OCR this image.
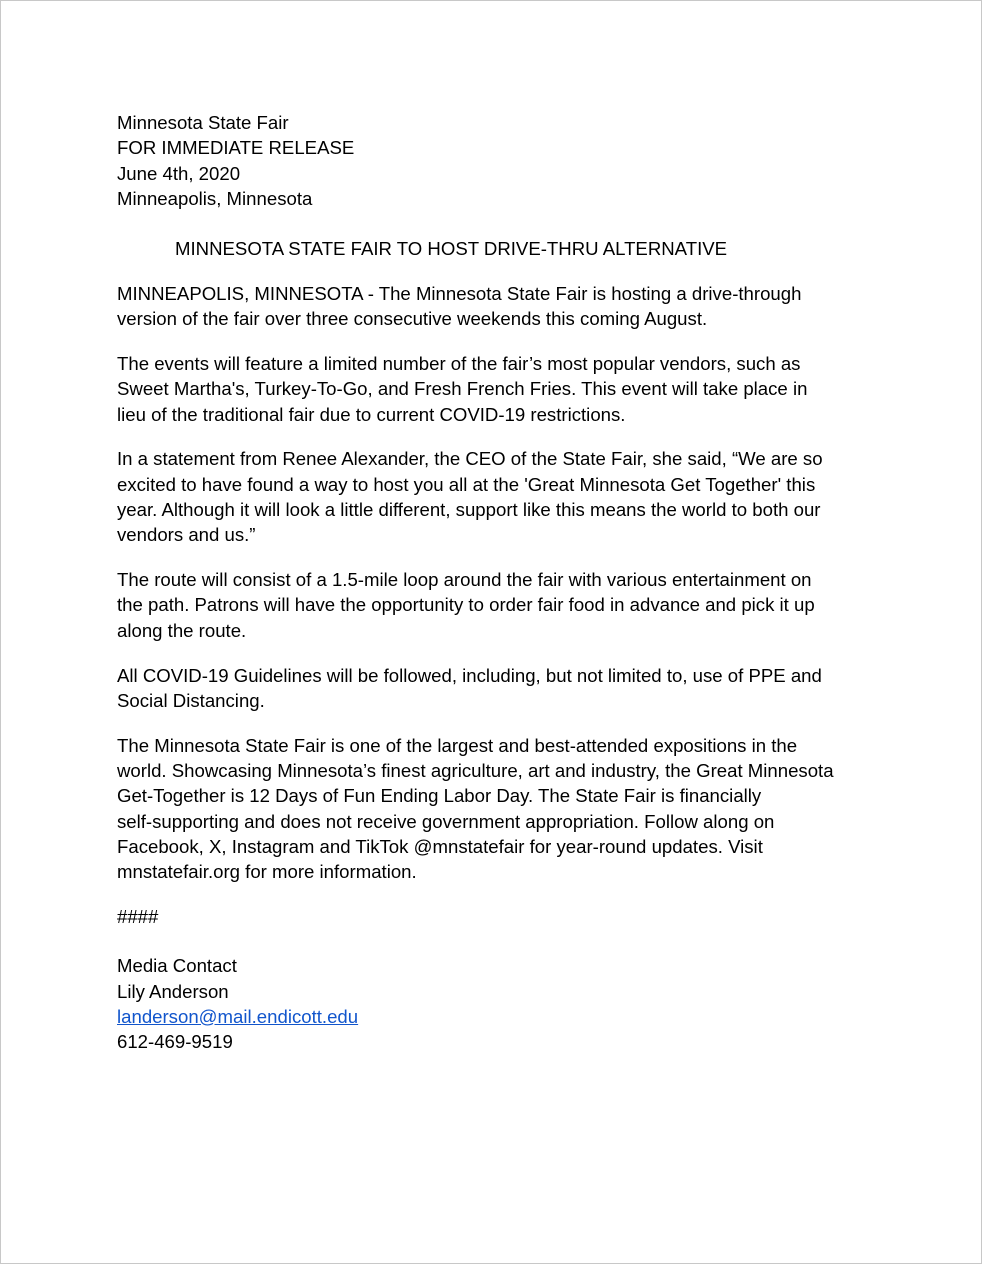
Minnesota State Fair

FOR IMMEDIATE RELEASE

June 4th, 2020

Minneapolis, Minnesota

MINNESOTA STATE FAIR TO HOST DRIVE-THRU ALTERNATIVE

MINNEAPOLIS, MINNESOTA - The Minnesota State Fair is hosting a drive-through
version of the fair over three consecutive weekends this coming August.

The events will feature a limited number of the fair’s most popular vendors, such as
Sweet Martha's, Turkey-To-Go, and Fresh French Fries. This event will take place in
lieu of the traditional fair due to current COVID-19 restrictions.

In a statement from Renee Alexander, the CEO of the State Fair, she said, “We are so
excited to have found a way to host you all at the 'Great Minnesota Get Together' this
year. Although it will look a little different, support like this means the world to both our
vendors and us.”

The route will consist of a 1.5-mile loop around the fair with various entertainment on
the path. Patrons will have the opportunity to order fair food in advance and pick it up
along the route.

All COVID-19 Guidelines will be followed, including, but not limited to, use of PPE and
Social Distancing.

The Minnesota State Fair is one of the largest and best-attended expositions in the
world. Showcasing Minnesota’s finest agriculture, art and industry, the Great Minnesota
Get-Together is 12 Days of Fun Ending Labor Day. The State Fair is financially
self-supporting and does not receive government appropriation. Follow along on
Facebook, X, Instagram and TikTok @mnstatefair for year-round updates. Visit
mnstatefair.org for more information.

####

Media Contact

Lily Anderson

landerson@mail.endicott.edu

612-469-9519
